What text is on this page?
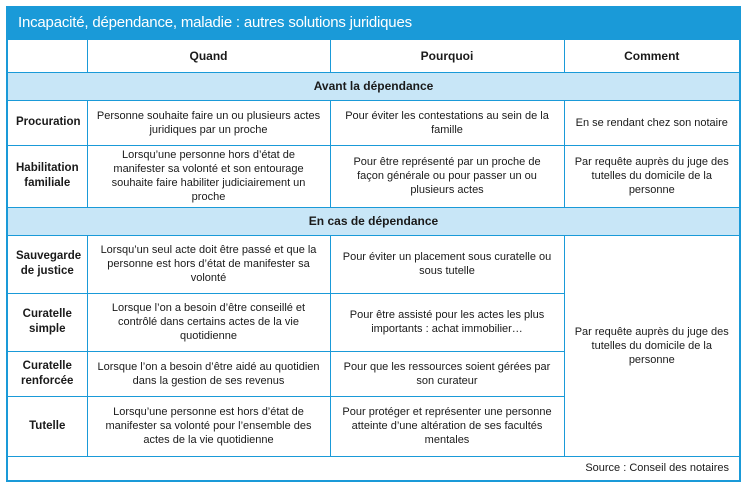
Incapacité, dépendance, maladie : autres solutions juridiques
	Quand	Pourquoi	Comment
Avant la dépendance			
Procuration	Personne souhaite faire un ou plusieurs actes juridiques par un proche	Pour éviter les contestations au sein de la famille	En se rendant chez son notaire
Habilitation familiale	Lorsqu’une personne hors d’état de manifester sa volonté et son entourage souhaite faire habiliter judiciairement un proche	Pour être représenté par un proche de façon générale ou pour passer un ou plusieurs actes	Par requête auprès du juge des tutelles du domicile de la personne
En cas de dépendance			
Sauvegarde de justice	Lorsqu’un seul acte doit être passé et que la personne est hors d’état de manifester sa volonté	Pour éviter un placement sous curatelle ou sous tutelle	Par requête auprès du juge des tutelles du domicile de la personne
Curatelle simple	Lorsque l’on a besoin d’être conseillé et contrôlé dans certains actes de la vie quotidienne	Pour être assisté pour les actes les plus importants : achat immobilier…	
Curatelle renforcée	Lorsque l’on a besoin d’être aidé au quotidien dans la gestion de ses revenus	Pour que les ressources soient gérées par son curateur	
Tutelle	Lorsqu’une personne est hors d’état de manifester sa volonté pour l’ensemble des actes de la vie quotidienne	Pour protéger et représenter une personne atteinte d’une altération de ses facultés mentales	
Source : Conseil des notaires
